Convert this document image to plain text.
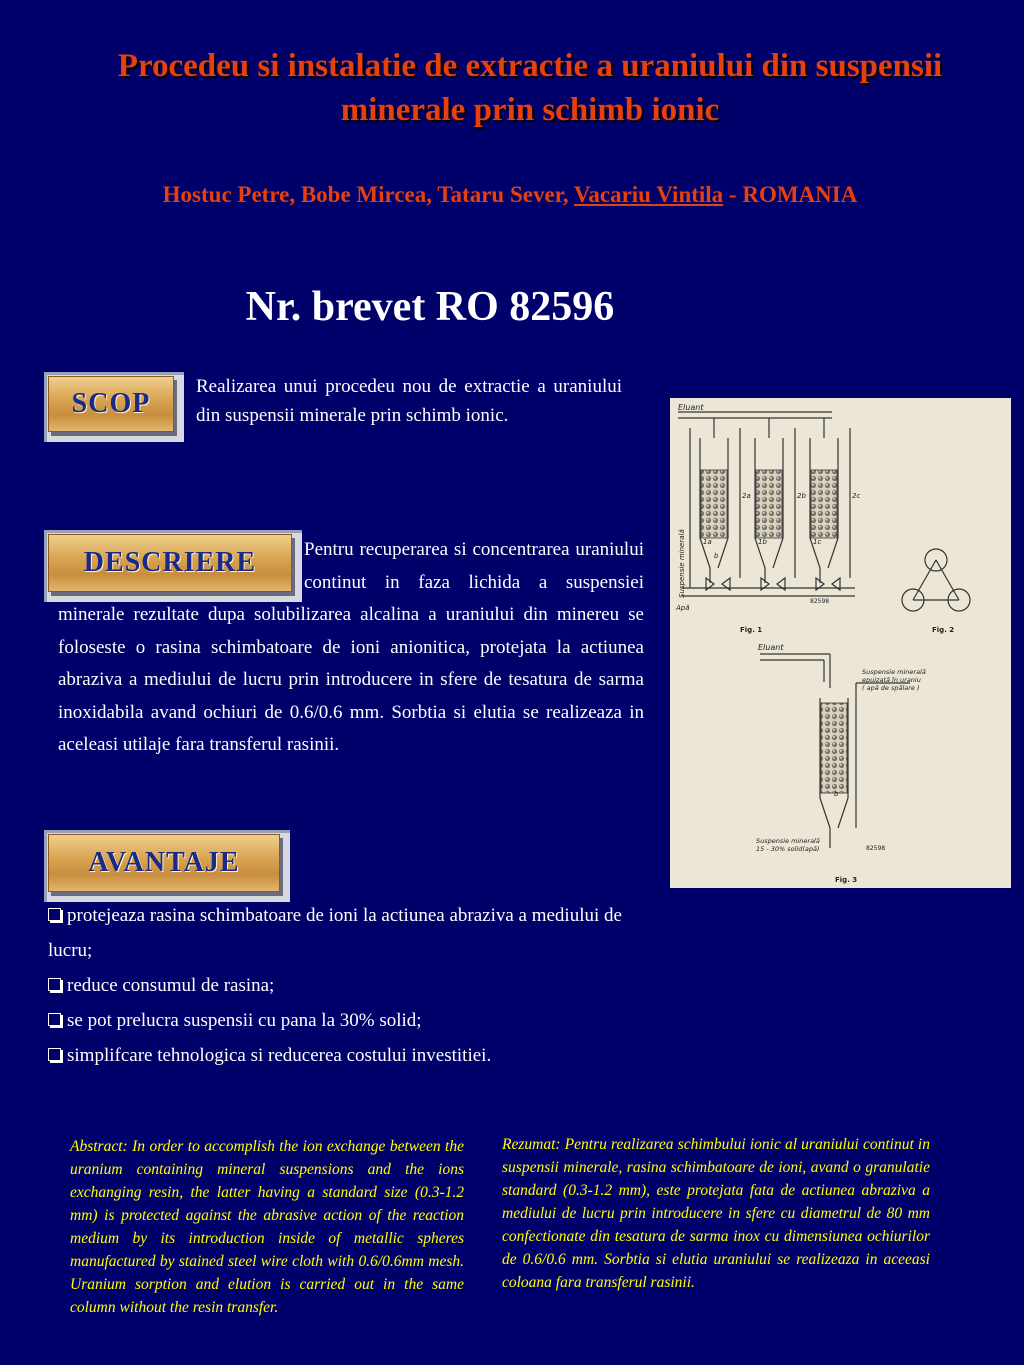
Procedeu si instalatie de extractie a uraniului din suspensii minerale prin schimb ionic
Hostuc Petre, Bobe Mircea, Tataru Sever, Vacariu Vintila - ROMANIA
Nr. brevet RO 82596
SCOP
Realizarea unui procedeu nou de extractie a uraniului din suspensii minerale prin schimb ionic.
Pentru recuperarea si concentrarea uraniului continut in faza lichida a suspensiei minerale rezultate dupa solubilizarea alcalina a uraniului din minereu se foloseste o rasina schimbatoare de ioni anionitica, protejata la actiunea abraziva a mediului de lucru prin introducere in sfere de tesatura de sarma inoxidabila avand ochiuri de 0.6/0.6 mm. Sorbtia si elutia se realizeaza in aceleasi utilaje fara transferul rasinii.
DESCRIERE
AVANTAJE

protejeaza rasina schimbatoare de ioni la actiunea abraziva a mediului de lucru;

reduce consumul de rasina;

se pot prelucra suspensii cu pana la 30% solid;

simplifcare tehnologica si reducerea costului investitiei.

Eluant
1a	1b	1c
2a	2b	2c
b
Suspensie minerală
Apă
82598
Fig. 1	Fig. 2
Eluant
Suspensie minerală
epuizată în uraniu
( apă de spălare )
Suspensie minerală
15 - 30% solid(apă)
b
82598
Fig. 3
Abstract: In order to accomplish the ion exchange between the uranium containing mineral suspensions and the ions exchanging resin, the latter having a standard size (0.3-1.2 mm) is protected against the abrasive action of the reaction medium by its introduction inside of metallic spheres manufactured by stained steel wire cloth with 0.6/0.6mm mesh. Uranium sorption and elution is carried out in the same column without the resin transfer.
Rezumat: Pentru realizarea schimbului ionic al uraniului continut in suspensii minerale, rasina schimbatoare de ioni, avand o granulatie standard (0.3-1.2 mm), este protejata fata de actiunea abraziva a mediului de lucru prin introducere in sfere cu diametrul de 80 mm confectionate din tesatura de sarma inox cu dimensiunea ochiurilor de 0.6/0.6 mm. Sorbtia si elutia uraniului se realizeaza in aceeasi coloana fara transferul rasinii.
